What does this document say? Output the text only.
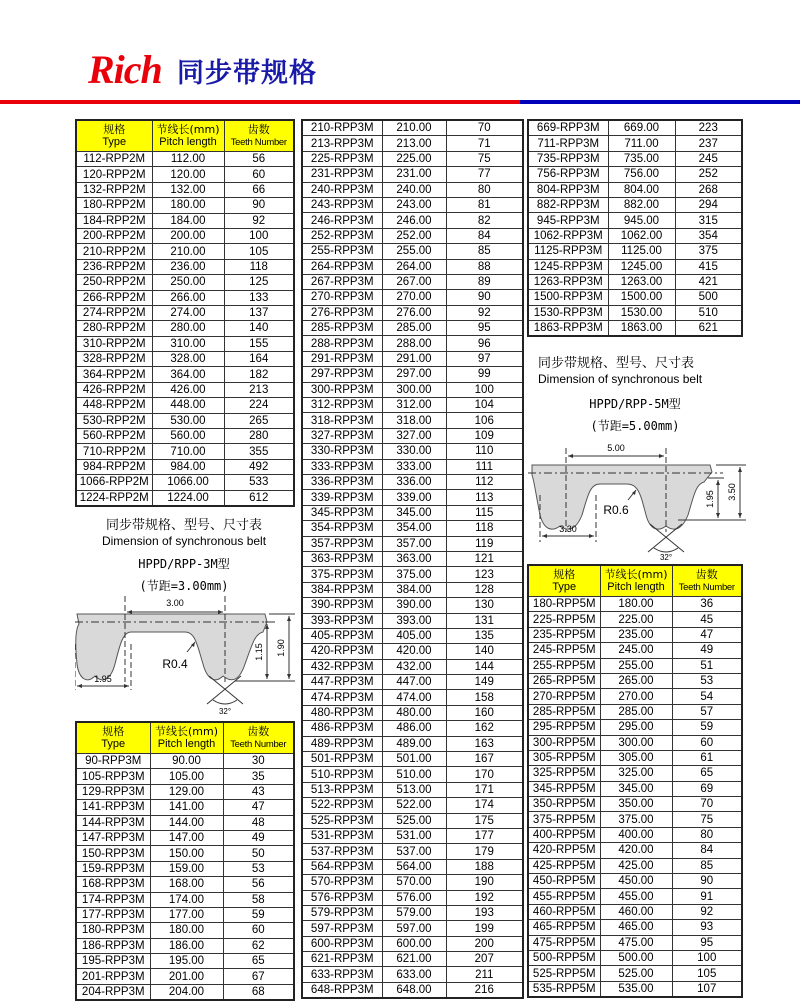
Rich 同步带规格
规格
Type

节线长(mm)
Pitch length

齿数
Teeth Number

112-RPP2M	112.00	56
120-RPP2M	120.00	60
132-RPP2M	132.00	66
180-RPP2M	180.00	90
184-RPP2M	184.00	92
200-RPP2M	200.00	100
210-RPP2M	210.00	105
236-RPP2M	236.00	118
250-RPP2M	250.00	125
266-RPP2M	266.00	133
274-RPP2M	274.00	137
280-RPP2M	280.00	140
310-RPP2M	310.00	155
328-RPP2M	328.00	164
364-RPP2M	364.00	182
426-RPP2M	426.00	213
448-RPP2M	448.00	224
530-RPP2M	530.00	265
560-RPP2M	560.00	280
710-RPP2M	710.00	355
984-RPP2M	984.00	492
1066-RPP2M	1066.00	533
1224-RPP2M	1224.00	612
同步带规格、型号、尺寸表
Dimension of synchronous belt
HPPD/RPP-3M型
(节距=3.00mm)
3.00
1.95
1.15 1.90
R0.4
32°
规格
Type

节线长(mm)
Pitch length

齿数
Teeth Number

90-RPP3M	90.00	30
105-RPP3M	105.00	35
129-RPP3M	129.00	43
141-RPP3M	141.00	47
144-RPP3M	144.00	48
147-RPP3M	147.00	49
150-RPP3M	150.00	50
159-RPP3M	159.00	53
168-RPP3M	168.00	56
174-RPP3M	174.00	58
177-RPP3M	177.00	59
180-RPP3M	180.00	60
186-RPP3M	186.00	62
195-RPP3M	195.00	65
201-RPP3M	201.00	67
204-RPP3M	204.00	68
210-RPP3M	210.00	70
213-RPP3M	213.00	71
225-RPP3M	225.00	75
231-RPP3M	231.00	77
240-RPP3M	240.00	80
243-RPP3M	243.00	81
246-RPP3M	246.00	82
252-RPP3M	252.00	84
255-RPP3M	255.00	85
264-RPP3M	264.00	88
267-RPP3M	267.00	89
270-RPP3M	270.00	90
276-RPP3M	276.00	92
285-RPP3M	285.00	95
288-RPP3M	288.00	96
291-RPP3M	291.00	97
297-RPP3M	297.00	99
300-RPP3M	300.00	100
312-RPP3M	312.00	104
318-RPP3M	318.00	106
327-RPP3M	327.00	109
330-RPP3M	330.00	110
333-RPP3M	333.00	111
336-RPP3M	336.00	112
339-RPP3M	339.00	113
345-RPP3M	345.00	115
354-RPP3M	354.00	118
357-RPP3M	357.00	119
363-RPP3M	363.00	121
375-RPP3M	375.00	123
384-RPP3M	384.00	128
390-RPP3M	390.00	130
393-RPP3M	393.00	131
405-RPP3M	405.00	135
420-RPP3M	420.00	140
432-RPP3M	432.00	144
447-RPP3M	447.00	149
474-RPP3M	474.00	158
480-RPP3M	480.00	160
486-RPP3M	486.00	162
489-RPP3M	489.00	163
501-RPP3M	501.00	167
510-RPP3M	510.00	170
513-RPP3M	513.00	171
522-RPP3M	522.00	174
525-RPP3M	525.00	175
531-RPP3M	531.00	177
537-RPP3M	537.00	179
564-RPP3M	564.00	188
570-RPP3M	570.00	190
576-RPP3M	576.00	192
579-RPP3M	579.00	193
597-RPP3M	597.00	199
600-RPP3M	600.00	200
621-RPP3M	621.00	207
633-RPP3M	633.00	211
648-RPP3M	648.00	216
669-RPP3M	669.00	223
711-RPP3M	711.00	237
735-RPP3M	735.00	245
756-RPP3M	756.00	252
804-RPP3M	804.00	268
882-RPP3M	882.00	294
945-RPP3M	945.00	315
1062-RPP3M	1062.00	354
1125-RPP3M	1125.00	375
1245-RPP3M	1245.00	415
1263-RPP3M	1263.00	421
1500-RPP3M	1500.00	500
1530-RPP3M	1530.00	510
1863-RPP3M	1863.00	621
同步带规格、型号、尺寸表
Dimension of synchronous belt
HPPD/RPP-5M型
(节距=5.00mm)
5.00
3.30
1.95 3.50
R0.6
32°
规格
Type

节线长(mm)
Pitch length

齿数
Teeth Number

180-RPP5M	180.00	36
225-RPP5M	225.00	45
235-RPP5M	235.00	47
245-RPP5M	245.00	49
255-RPP5M	255.00	51
265-RPP5M	265.00	53
270-RPP5M	270.00	54
285-RPP5M	285.00	57
295-RPP5M	295.00	59
300-RPP5M	300.00	60
305-RPP5M	305.00	61
325-RPP5M	325.00	65
345-RPP5M	345.00	69
350-RPP5M	350.00	70
375-RPP5M	375.00	75
400-RPP5M	400.00	80
420-RPP5M	420.00	84
425-RPP5M	425.00	85
450-RPP5M	450.00	90
455-RPP5M	455.00	91
460-RPP5M	460.00	92
465-RPP5M	465.00	93
475-RPP5M	475.00	95
500-RPP5M	500.00	100
525-RPP5M	525.00	105
535-RPP5M	535.00	107
